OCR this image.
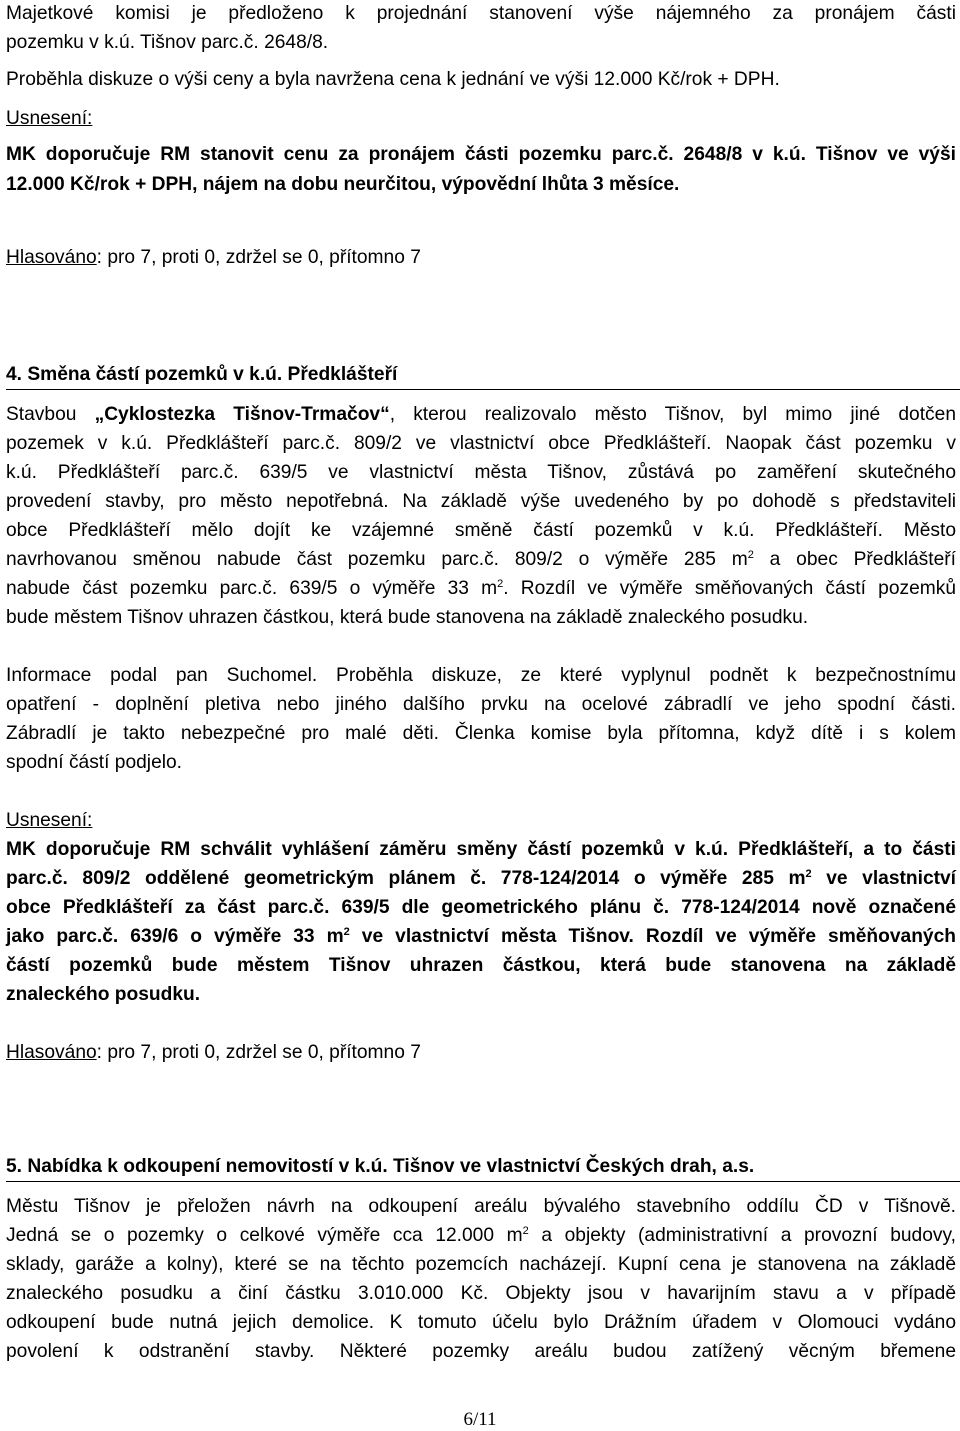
Majetkové komisi je předloženo k projednání stanovení výše nájemného za pronájem části
pozemku v k.ú. Tišnov parc.č. 2648/8.
Proběhla diskuze o výši ceny a byla navržena cena k jednání ve výši 12.000 Kč/rok + DPH.
Usnesení:
MK doporučuje RM stanovit cenu za pronájem části pozemku parc.č. 2648/8 v k.ú. Tišnov ve výši
12.000 Kč/rok + DPH, nájem na dobu neurčitou, výpovědní lhůta 3 měsíce.
Hlasováno: pro 7, proti 0, zdržel se 0, přítomno 7
4. Směna částí pozemků v k.ú. Předklášteří
Stavbou „Cyklostezka Tišnov-Trmačov“, kterou realizovalo město Tišnov, byl mimo jiné dotčen
pozemek v k.ú. Předklášteří parc.č. 809/2 ve vlastnictví obce Předklášteří. Naopak část pozemku v
k.ú. Předklášteří parc.č. 639/5 ve vlastnictví města Tišnov, zůstává po zaměření skutečného
provedení stavby, pro město nepotřebná. Na základě výše uvedeného by po dohodě s představiteli
obce Předklášteří mělo dojít ke vzájemné směně částí pozemků v k.ú. Předklášteří. Město
navrhovanou směnou nabude část pozemku parc.č. 809/2 o výměře 285 $m^2$ a obec Předklášteří
nabude část pozemku parc.č. 639/5 o výměře 33 $m^2$. Rozdíl ve výměře směňovaných částí pozemků
bude městem Tišnov uhrazen částkou, která bude stanovena na základě znaleckého posudku.
Informace podal pan Suchomel. Proběhla diskuze, ze které vyplynul podnět k bezpečnostnímu
opatření - doplnění pletiva nebo jiného dalšího prvku na ocelové zábradlí ve jeho spodní části.
Zábradlí je takto nebezpečné pro malé děti. Členka komise byla přítomna, když dítě i s kolem
spodní částí podjelo.
Usnesení:
MK doporučuje RM schválit vyhlášení záměru směny částí pozemků v k.ú. Předklášteří, a to části
parc.č. 809/2 oddělené geometrickým plánem č. 778-124/2014 o výměře 285 $m^2$ ve vlastnictví
obce Předklášteří za část parc.č. 639/5 dle geometrického plánu č. 778-124/2014 nově označené
jako parc.č. 639/6 o výměře 33 $m^2$ ve vlastnictví města Tišnov. Rozdíl ve výměře směňovaných
částí pozemků bude městem Tišnov uhrazen částkou, která bude stanovena na základě
znaleckého posudku.
Hlasováno: pro 7, proti 0, zdržel se 0, přítomno 7
5. Nabídka k odkoupení nemovitostí v k.ú. Tišnov ve vlastnictví Českých drah, a.s.
Městu Tišnov je přeložen návrh na odkoupení areálu bývalého stavebního oddílu ČD v Tišnově.
Jedná se o pozemky o celkové výměře cca 12.000 $m^2$ a objekty (administrativní a provozní budovy,
sklady, garáže a kolny), které se na těchto pozemcích nacházejí. Kupní cena je stanovena na základě
znaleckého posudku a činí částku 3.010.000 Kč. Objekty jsou v havarijním stavu a v případě
odkoupení bude nutná jejich demolice. K tomuto účelu bylo Drážním úřadem v Olomouci vydáno
povolení k odstranění stavby. Některé pozemky areálu budou zatížený věcným břemene
6/11
